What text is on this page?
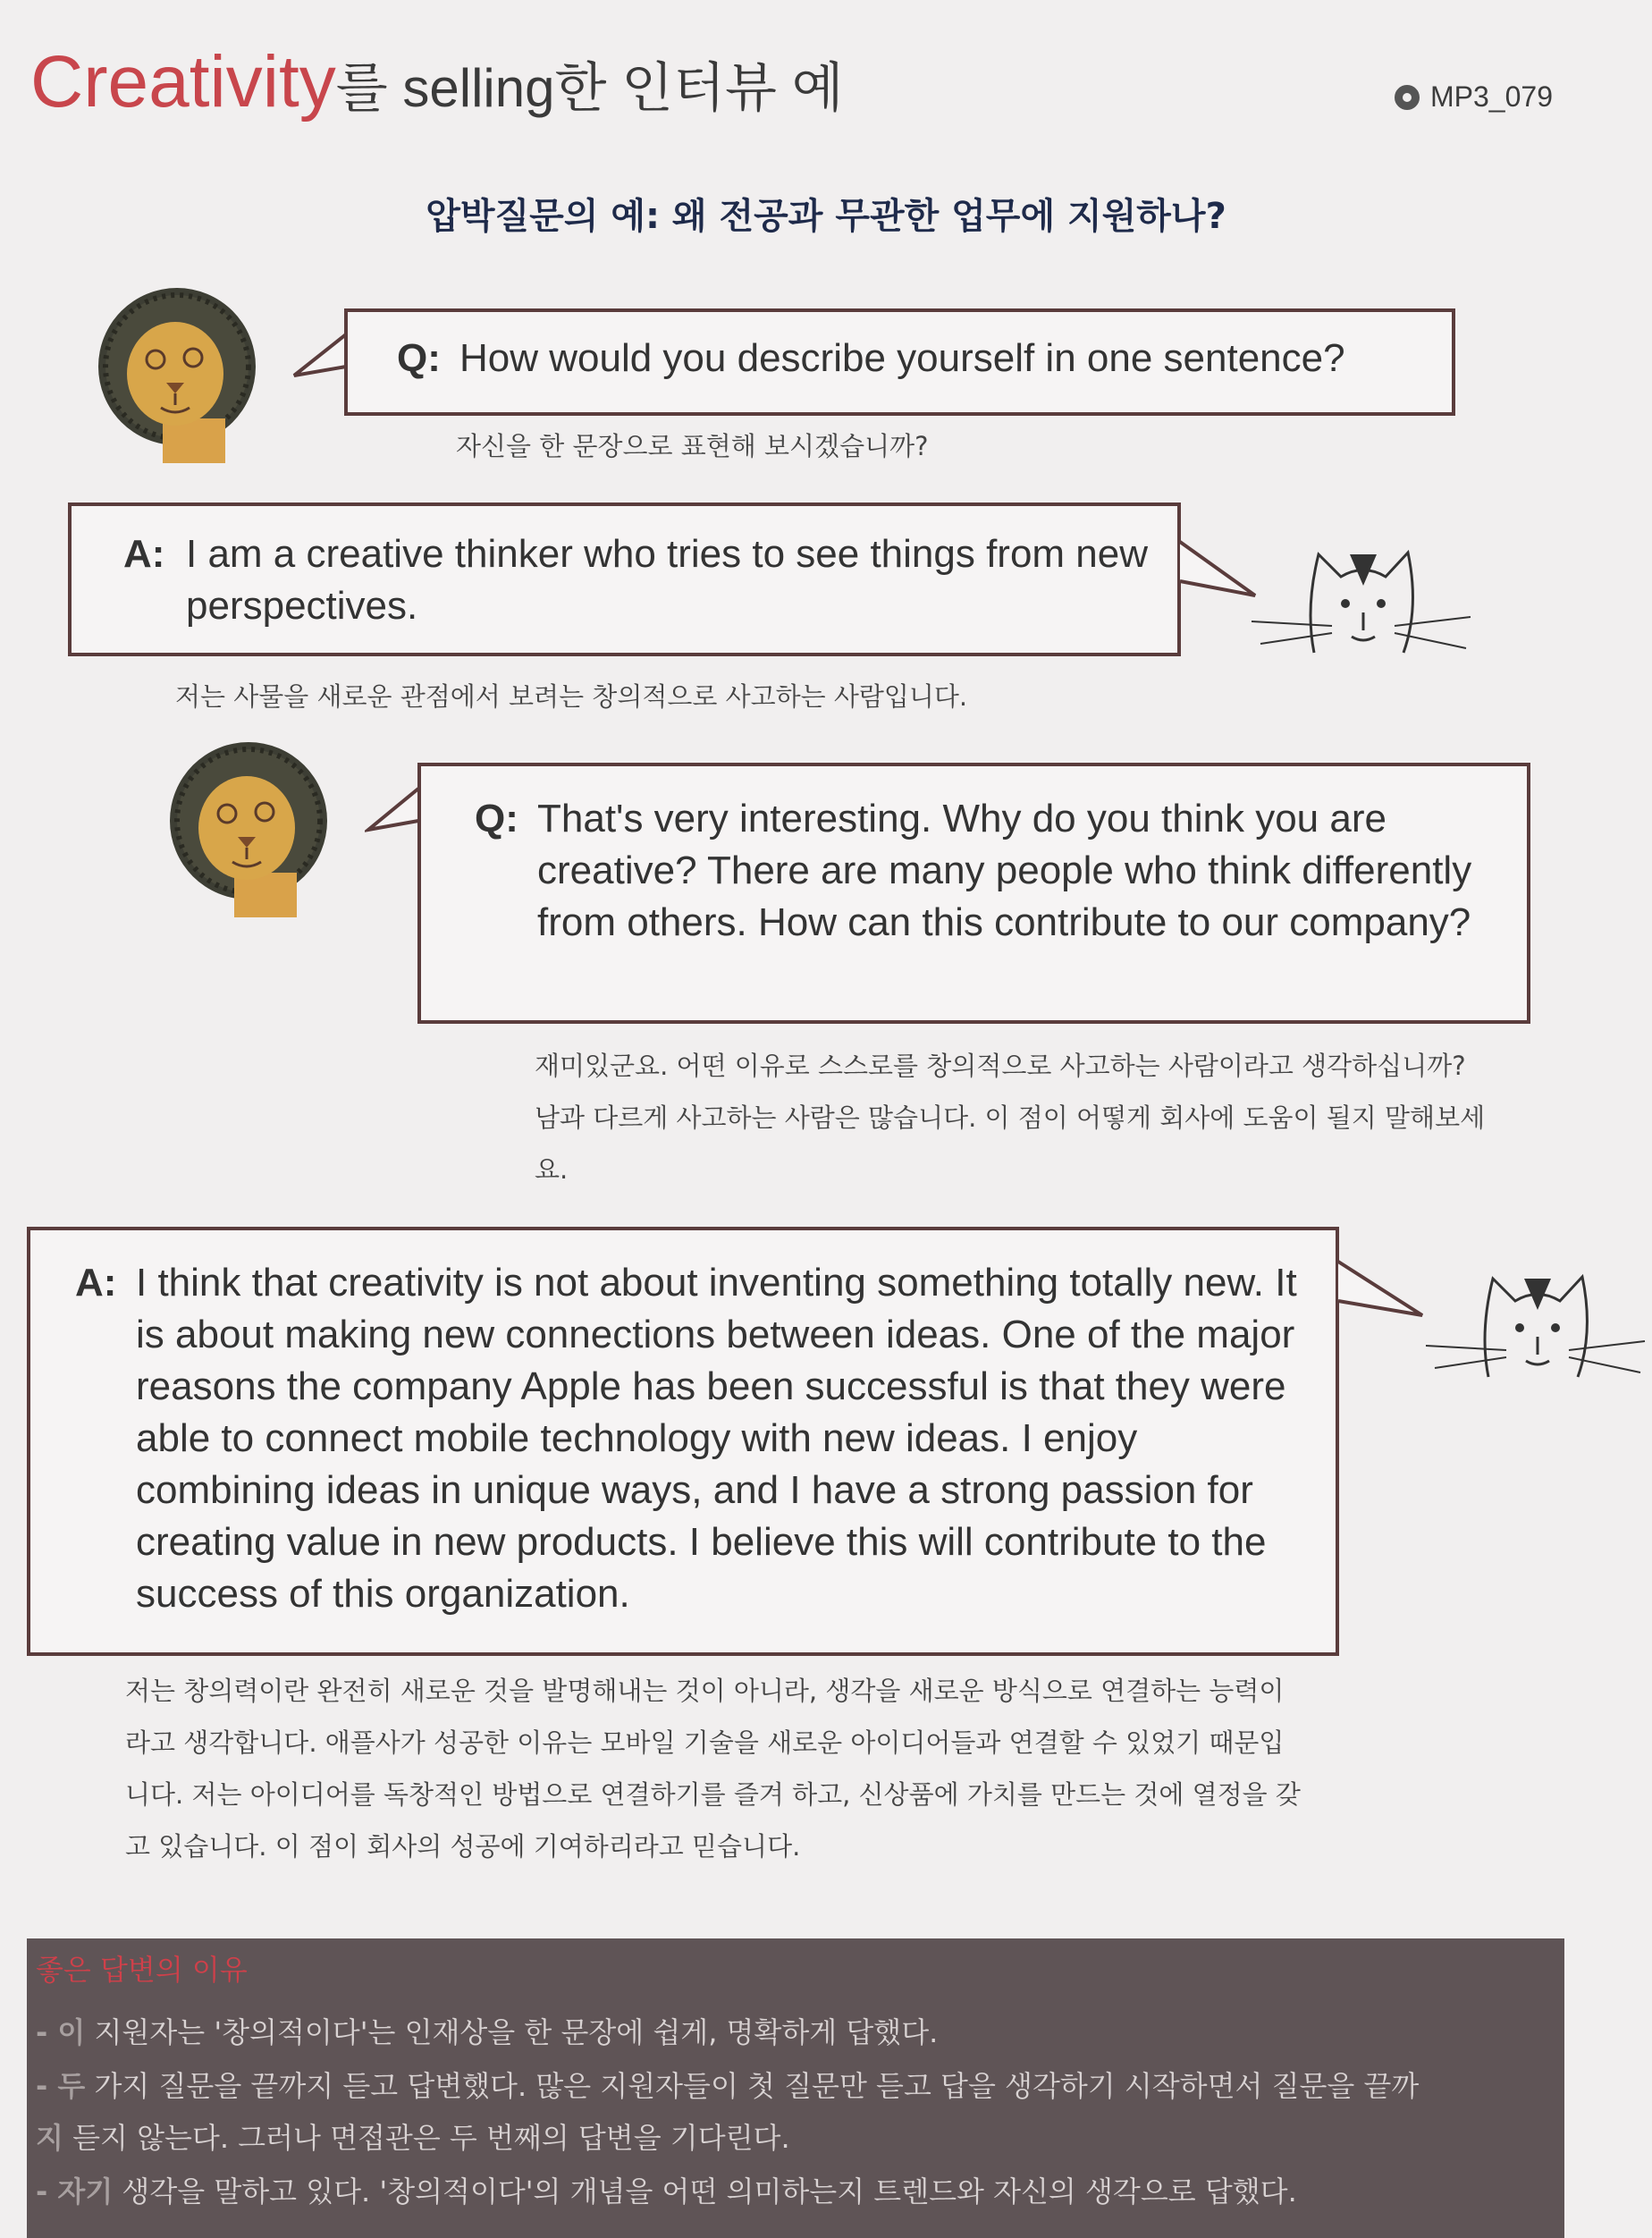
Creativity를 selling한 인터뷰 예	MP3_079
압박질문의 예: 왜 전공과 무관한 업무에 지원하나?
Q: How would you describe yourself in one sentence?
자신을 한 문장으로 표현해 보시겠습니까?
A: I am a creative thinker who tries to see things from new perspectives.
저는 사물을 새로운 관점에서 보려는 창의적으로 사고하는 사람입니다.
Q: That's very interesting. Why do you think you are creative? There are many people who think differently from others. How can this contribute to our company?
재미있군요. 어떤 이유로 스스로를 창의적으로 사고하는 사람이라고 생각하십니까? 남과 다르게 사고하는 사람은 많습니다. 이 점이 어떻게 회사에 도움이 될지 말해보세요.
A: I think that creativity is not about inventing something totally new. It is about making new connections between ideas. One of the major reasons the company Apple has been successful is that they were able to connect mobile technology with new ideas. I enjoy combining ideas in unique ways, and I have a strong passion for creating value in new products. I believe this will contribute to the success of this organization.
저는 창의력이란 완전히 새로운 것을 발명해내는 것이 아니라, 생각을 새로운 방식으로 연결하는 능력이라고 생각합니다. 애플사가 성공한 이유는 모바일 기술을 새로운 아이디어들과 연결할 수 있었기 때문입니다. 저는 아이디어를 독창적인 방법으로 연결하기를 즐겨 하고, 신상품에 가치를 만드는 것에 열정을 갖고 있습니다. 이 점이 회사의 성공에 기여하리라고 믿습니다.
좋은 답변의 이유
- 이 지원자는 '창의적이다'는 인재상을 한 문장에 쉽게, 명확하게 답했다.
- 두 가지 질문을 끝까지 듣고 답변했다. 많은 지원자들이 첫 질문만 듣고 답을 생각하기 시작하면서 질문을 끝까
지 듣지 않는다. 그러나 면접관은 두 번째의 답변을 기다린다.
- 자기 생각을 말하고 있다. '창의적이다'의 개념을 어떤 의미하는지 트렌드와 자신의 생각으로 답했다.
